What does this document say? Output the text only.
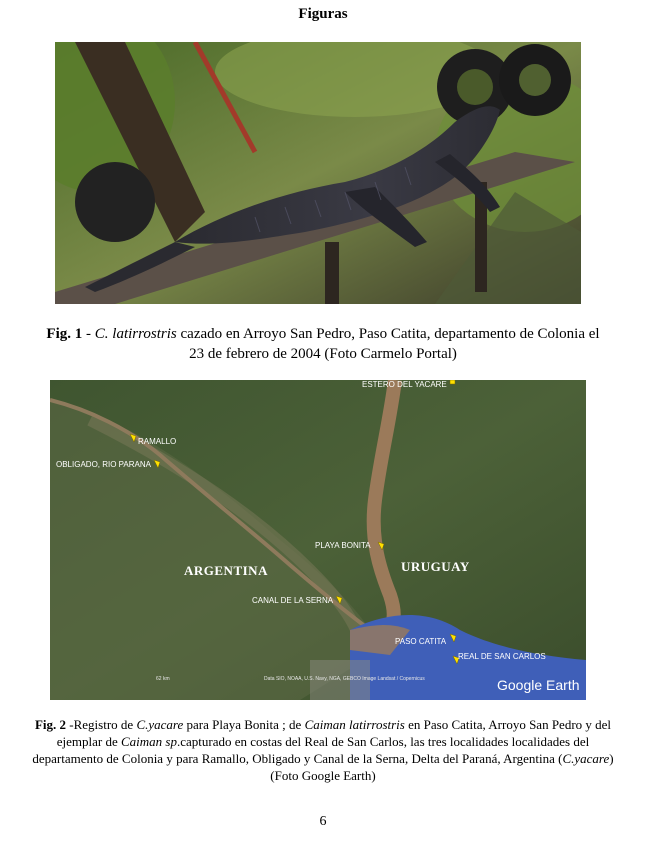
Figuras
Fig. 1 - C. latirrostris cazado en Arroyo San Pedro, Paso Catita, departamento de Colonia el 23 de febrero de 2004 (Foto Carmelo Portal)
ESTERO DEL YACARE
RAMALLO
OBLIGADO, RIO PARANA
PLAYA BONITA
CANAL DE LA SERNA
PASO CATITA
REAL DE SAN CARLOS
ARGENTINA	URUGUAY
62 km	Data SIO, NOAA, U.S. Navy, NGA, GEBCO Image Landsat / Copernicus	Google Earth
Fig. 2 -Registro de C.yacare para Playa Bonita ; de Caiman latirrostris en Paso Catita, Arroyo San Pedro y del ejemplar de Caiman sp.capturado en costas del Real de San Carlos, las tres localidades localidades del departamento de Colonia y para Ramallo, Obligado y Canal de la Serna, Delta del Paraná, Argentina (C.yacare)(Foto Google Earth)
6
